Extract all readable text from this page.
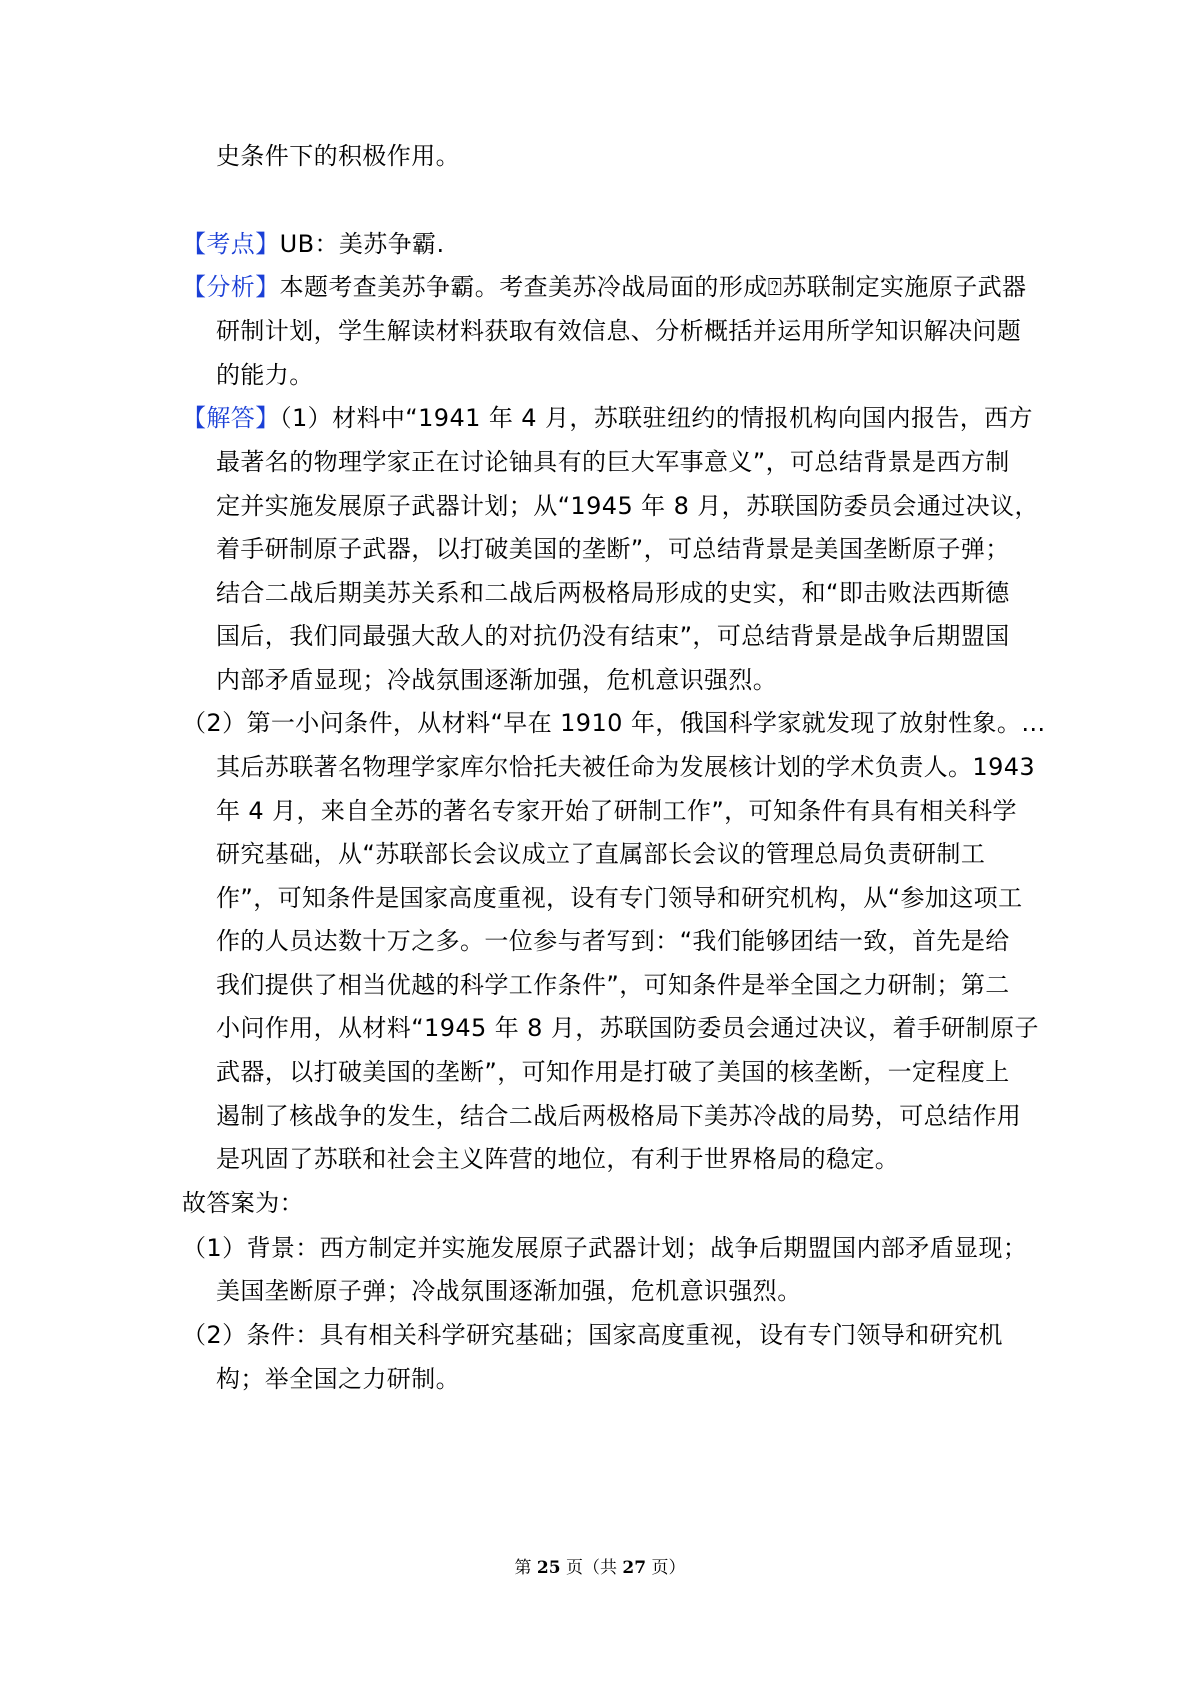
史条件下的积极作用。
【考点】UB：美苏争霸.
【分析】本题考查美苏争霸。考查美苏冷战局面的形成⍰苏联制定实施原子武器
研制计划，学生解读材料获取有效信息、分析概括并运用所学知识解决问题
的能力。
【解答】（1）材料中“1941 年 4 月，苏联驻纽约的情报机构向国内报告，西方
最著名的物理学家正在讨论铀具有的巨大军事意义”，可总结背景是西方制
定并实施发展原子武器计划；从“1945 年 8 月，苏联国防委员会通过决议，
着手研制原子武器，以打破美国的垄断”，可总结背景是美国垄断原子弹；
结合二战后期美苏关系和二战后两极格局形成的史实，和“即击败法西斯德
国后，我们同最强大敌人的对抗仍没有结束”，可总结背景是战争后期盟国
内部矛盾显现；冷战氛围逐渐加强，危机意识强烈。
（2）第一小问条件，从材料“早在 1910 年，俄国科学家就发现了放射性象。…
其后苏联著名物理学家库尔恰托夫被任命为发展核计划的学术负责人。1943
年 4 月，来自全苏的著名专家开始了研制工作”，可知条件有具有相关科学
研究基础，从“苏联部长会议成立了直属部长会议的管理总局负责研制工
作”，可知条件是国家高度重视，设有专门领导和研究机构，从“参加这项工
作的人员达数十万之多。一位参与者写到：“我们能够团结一致，首先是给
我们提供了相当优越的科学工作条件”，可知条件是举全国之力研制；第二
小问作用，从材料“1945 年 8 月，苏联国防委员会通过决议，着手研制原子
武器，以打破美国的垄断”，可知作用是打破了美国的核垄断，一定程度上
遏制了核战争的发生，结合二战后两极格局下美苏冷战的局势，可总结作用
是巩固了苏联和社会主义阵营的地位，有利于世界格局的稳定。
故答案为：
（1）背景：西方制定并实施发展原子武器计划；战争后期盟国内部矛盾显现；
美国垄断原子弹；冷战氛围逐渐加强，危机意识强烈。
（2）条件：具有相关科学研究基础；国家高度重视，设有专门领导和研究机
构；举全国之力研制。
第 25 页（共 27 页）
